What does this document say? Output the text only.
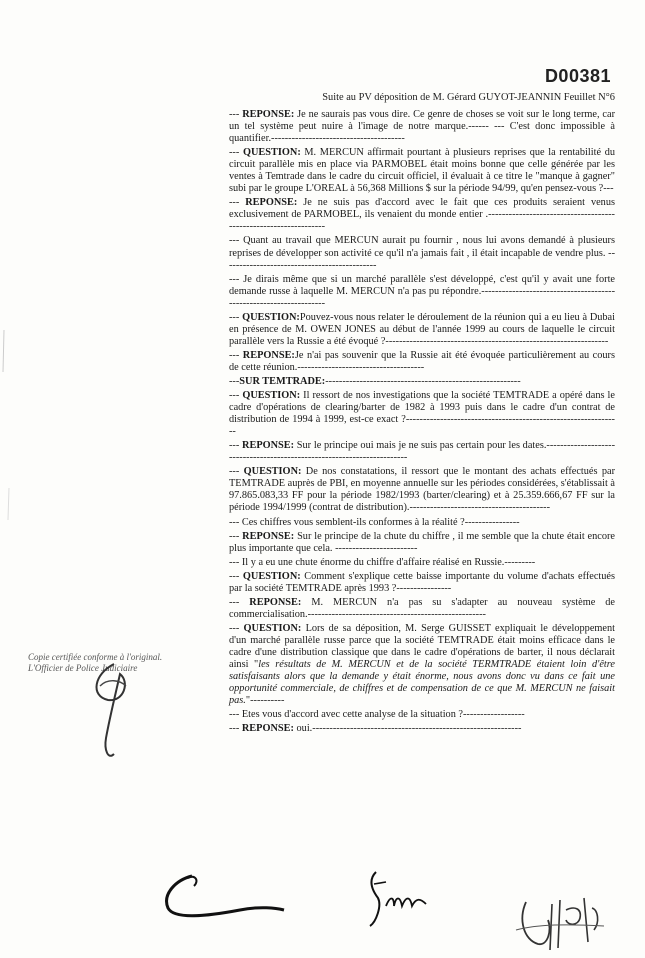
D00381
Suite au PV déposition de M. Gérard GUYOT-JEANNIN Feuillet N°6

--- REPONSE: Je ne saurais pas vous dire. Ce genre de choses se voit sur le long terme, car un tel système peut nuire à l'image de notre marque.------ --- C'est donc impossible à quantifier.---------------------------------------

--- QUESTION: M. MERCUN affirmait pourtant à plusieurs reprises que la rentabilité du circuit parallèle mis en place via PARMOBEL était moins bonne que celle générée par les ventes à Temtrade dans le cadre du circuit officiel, il évaluait à ce titre le "manque à gagner" subi par le groupe L'OREAL à 56,368 Millions $ sur la période 94/99, qu'en pensez-vous ?---

--- REPONSE: Je ne suis pas d'accord avec le fait que ces produits seraient venus exclusivement de PARMOBEL, ils venaient du monde entier .-----------------------------------------------------------------

--- Quant au travail que MERCUN aurait pu fournir , nous lui avons demandé à plusieurs reprises de développer son activité ce qu'il n'a jamais fait , il était incapable de vendre plus. ---------------------------------------------

--- Je dirais même que si un marché parallèle s'est développé, c'est qu'il y avait une forte demande russe à laquelle M. MERCUN n'a pas pu répondre.-------------------------------------------------------------------

--- QUESTION:Pouvez-vous nous relater le déroulement de la réunion qui a eu lieu à Dubai en présence de M. OWEN JONES au début de l'année 1999 au cours de laquelle le circuit parallèle vers la Russie a été évoqué ?-----------------------------------------------------------------

--- REPONSE:Je n'ai pas souvenir que la Russie ait été évoquée particulièrement au cours de cette réunion.-------------------------------------

---SUR TEMTRADE:---------------------------------------------------------

--- QUESTION: Il ressort de nos investigations que la société TEMTRADE a opéré dans le cadre d'opérations de clearing/barter de 1982 à 1993 puis dans le cadre d'un contrat de distribution de 1994 à 1999, est-ce exact ?---------------------------------------------------------------

--- REPONSE: Sur le principe oui mais je ne suis pas certain pour les dates.------------------------------------------------------------------------

--- QUESTION: De nos constatations, il ressort que le montant des achats effectués par TEMTRADE auprès de PBI, en moyenne annuelle sur les périodes considérées, s'établissait à 97.865.083,33 FF pour la période 1982/1993 (barter/clearing) et à 25.359.666,67 FF sur la période 1994/1999 (contrat de distribution).-----------------------------------------

--- Ces chiffres vous semblent-ils conformes à la réalité ?----------------

--- REPONSE: Sur le principe de la chute du chiffre , il me semble que la chute était encore plus importante que cela. ------------------------

--- Il y a eu une chute énorme du chiffre d'affaire réalisé en Russie.---------

--- QUESTION: Comment s'explique cette baisse importante du volume d'achats effectués par la société TEMTRADE après 1993 ?----------------

--- REPONSE: M. MERCUN n'a pas su s'adapter au nouveau système de commercialisation.----------------------------------------------------

--- QUESTION: Lors de sa déposition, M. Serge GUISSET expliquait le développement d'un marché parallèle russe parce que la société TEMTRADE était moins efficace dans le cadre d'une distribution classique que dans le cadre d'opérations de barter, il nous déclarait ainsi "les résultats de M. MERCUN et de la société TERMTRADE étaient loin d'être satisfaisants alors que la demande y était énorme, nous avons donc vu dans ce fait une opportunité commerciale, de chiffres et de compensation de ce que M. MERCUN ne faisait pas."----------

--- Etes vous d'accord avec cette analyse de la situation ?------------------

--- REPONSE: oui.-------------------------------------------------------------

Copie certifiée conforme à l'original.
L'Officier de Police Judiciaire
